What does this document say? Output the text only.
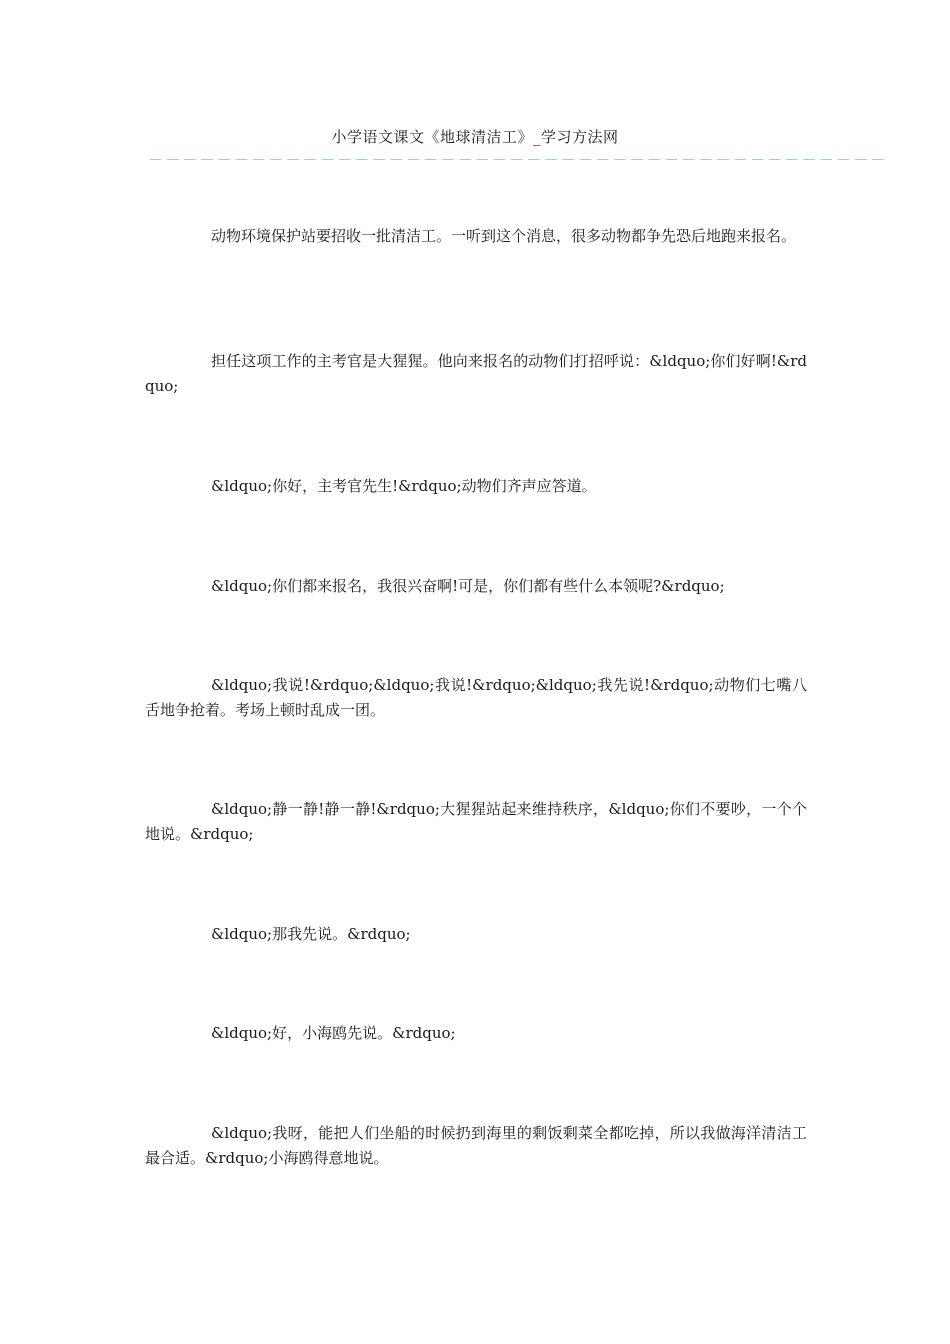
小学语文课文《地球清洁工》_学习方法网
－－－－－－－－－－－－－－－－－－－－－－－－－－－－－－－－－－－－－－－－－－－

动物环境保护站要招收一批清洁工。一听到这个消息，很多动物都争先恐后地跑来报名。

担任这项工作的主考官是大猩猩。他向来报名的动物们打招呼说：&ldquo;你们好啊!&rdquo;

&ldquo;你好，主考官先生!&rdquo;动物们齐声应答道。

&ldquo;你们都来报名，我很兴奋啊!可是，你们都有些什么本领呢?&rdquo;

&ldquo;我说!&rdquo;&ldquo;我说!&rdquo;&ldquo;我先说!&rdquo;动物们七嘴八舌地争抢着。考场上顿时乱成一团。

&ldquo;静一静!静一静!&rdquo;大猩猩站起来维持秩序，&ldquo;你们不要吵，一个个地说。&rdquo;

&ldquo;那我先说。&rdquo;

&ldquo;好，小海鸥先说。&rdquo;

&ldquo;我呀，能把人们坐船的时候扔到海里的剩饭剩菜全都吃掉，所以我做海洋清洁工最合适。&rdquo;小海鸥得意地说。
